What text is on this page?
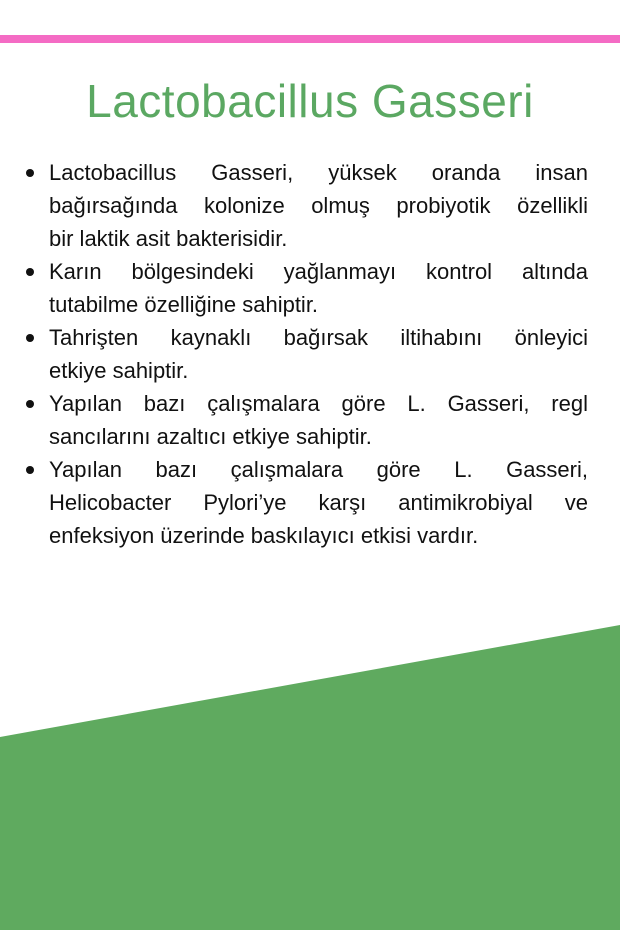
Lactobacillus Gasseri
Lactobacillus Gasseri, yüksek oranda insan
bağırsağında kolonize olmuş probiyotik özellikli
bir laktik asit bakterisidir.
Karın bölgesindeki yağlanmayı kontrol altında
tutabilme özelliğine sahiptir.
Tahrişten kaynaklı bağırsak iltihabını önleyici
etkiye sahiptir.
Yapılan bazı çalışmalara göre L. Gasseri, regl
sancılarını azaltıcı etkiye sahiptir.
Yapılan bazı çalışmalara göre L. Gasseri,
Helicobacter Pylori’ye karşı antimikrobiyal ve
enfeksiyon üzerinde baskılayıcı etkisi vardır.
